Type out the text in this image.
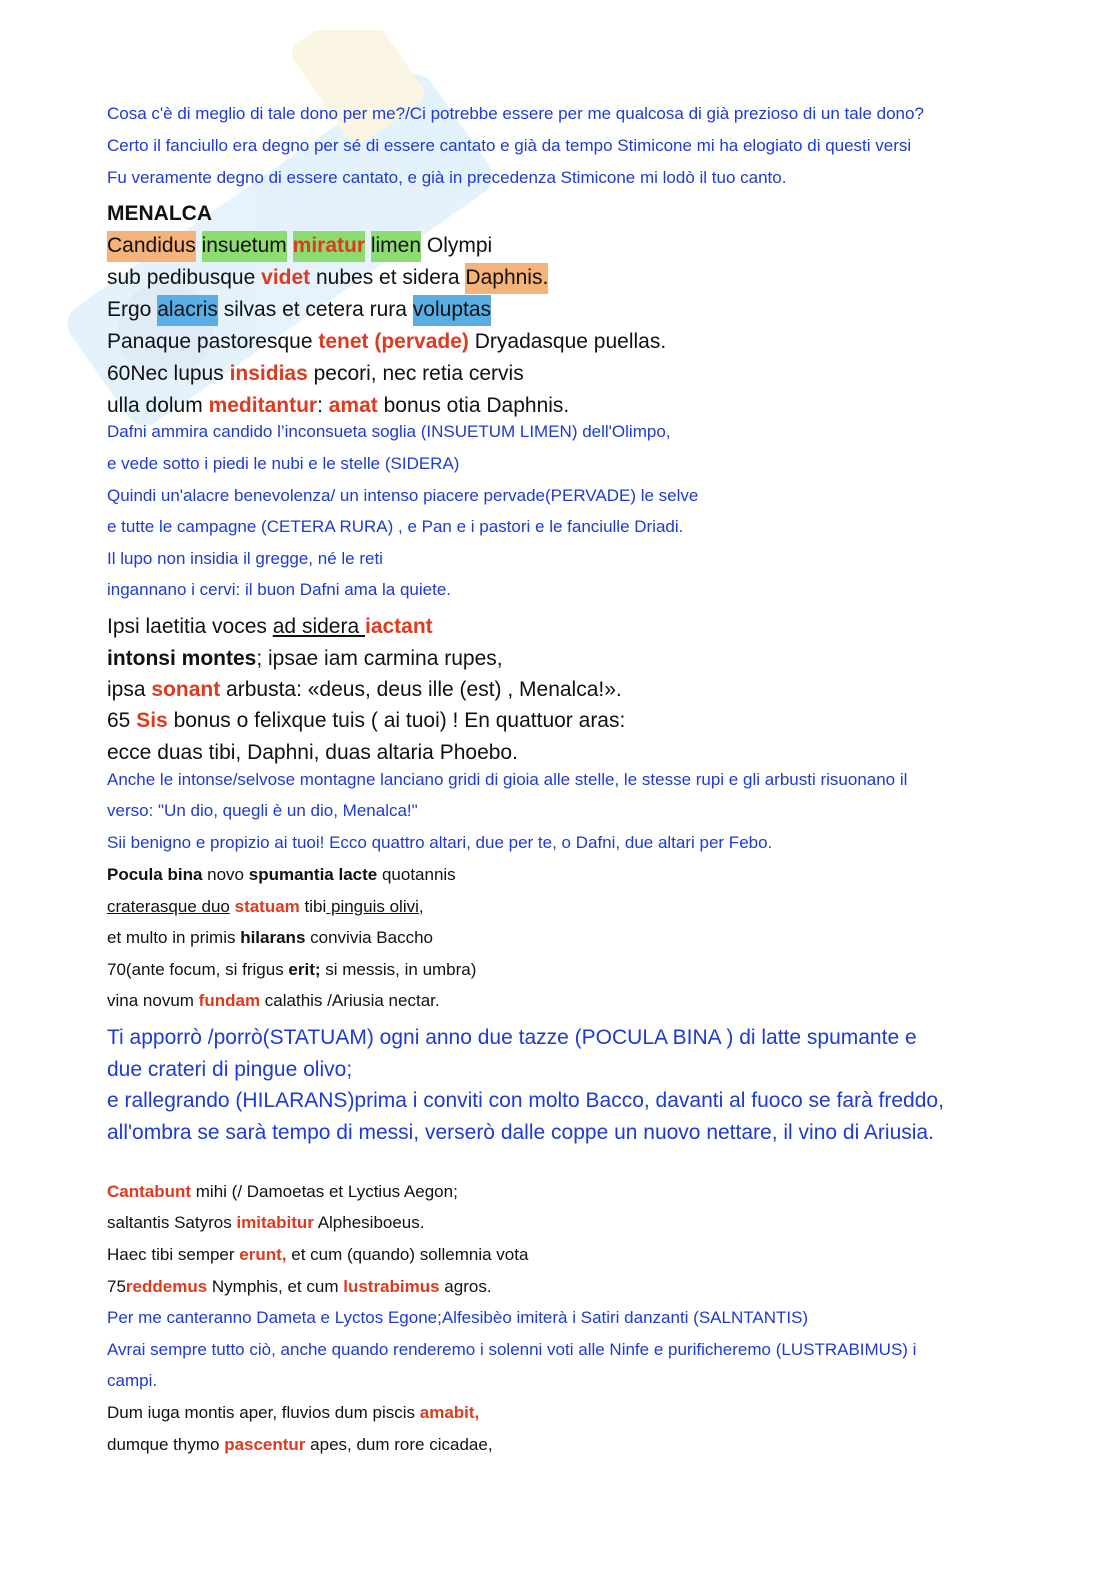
Cosa c'è di meglio di tale dono per me?/Ci potrebbe essere per me qualcosa di già prezioso di un tale dono?
Certo il fanciullo era degno per sé di essere cantato e già da tempo Stimicone mi ha elogiato di questi versi
Fu veramente degno di essere cantato, e già in precedenza Stimicone mi lodò il tuo canto.
MENALCA
Candidus insuetum miratur limen Olympi
sub pedibusque videt nubes et sidera Daphnis.
Ergo alacris silvas et cetera rura voluptas
Panaque pastoresque tenet (pervade) Dryadasque puellas.
60Nec lupus insidias pecori, nec retia cervis
ulla dolum meditantur: amat bonus otia Daphnis.
Dafni ammira candido l’inconsueta soglia (INSUETUM LIMEN) dell'Olimpo,
e vede sotto i piedi le nubi e le stelle (SIDERA)
Quindi un'alacre benevolenza/ un intenso piacere pervade(PERVADE) le selve
e tutte le campagne (CETERA RURA) , e Pan e i pastori e le fanciulle Driadi.
Il lupo non insidia il gregge, né le reti
ingannano i cervi: il buon Dafni ama la quiete.
Ipsi laetitia voces ad sidera iactant
intonsi montes; ipsae iam carmina rupes,
ipsa sonant arbusta: «deus, deus ille (est) , Menalca!».
65 Sis bonus o felixque tuis ( ai tuoi) ! En quattuor aras:
ecce duas tibi, Daphni, duas altaria Phoebo.
Anche le intonse/selvose montagne lanciano gridi di gioia alle stelle, le stesse rupi e gli arbusti risuonano il
verso: "Un dio, quegli è un dio, Menalca!"
Sii benigno e propizio ai tuoi! Ecco quattro altari, due per te, o Dafni, due altari per Febo.
Pocula bina novo spumantia lacte quotannis
craterasque duo statuam tibi pinguis olivi,
et multo in primis hilarans convivia Baccho
70(ante focum, si frigus erit; si messis, in umbra)
vina novum fundam calathis /Ariusia nectar.
Ti apporrò /porrò(STATUAM) ogni anno due tazze (POCULA BINA ) di latte spumante e
due crateri di pingue olivo;
e rallegrando (HILARANS)prima i conviti con molto Bacco, davanti al fuoco se farà freddo,
all'ombra se sarà tempo di messi, verserò dalle coppe un nuovo nettare, il vino di Ariusia.
Cantabunt mihi (/ Damoetas et Lyctius Aegon;
saltantis Satyros imitabitur Alphesiboeus.
Haec tibi semper erunt, et cum (quando) sollemnia vota
75reddemus Nymphis, et cum lustrabimus agros.
Per me canteranno Dameta e Lyctos Egone;Alfesibèo imiterà i Satiri danzanti (SALNTANTIS)
Avrai sempre tutto ciò, anche quando renderemo i solenni voti alle Ninfe e purificheremo (LUSTRABIMUS) i
campi.
Dum iuga montis aper, fluvios dum piscis amabit,
dumque thymo pascentur apes, dum rore cicadae,
